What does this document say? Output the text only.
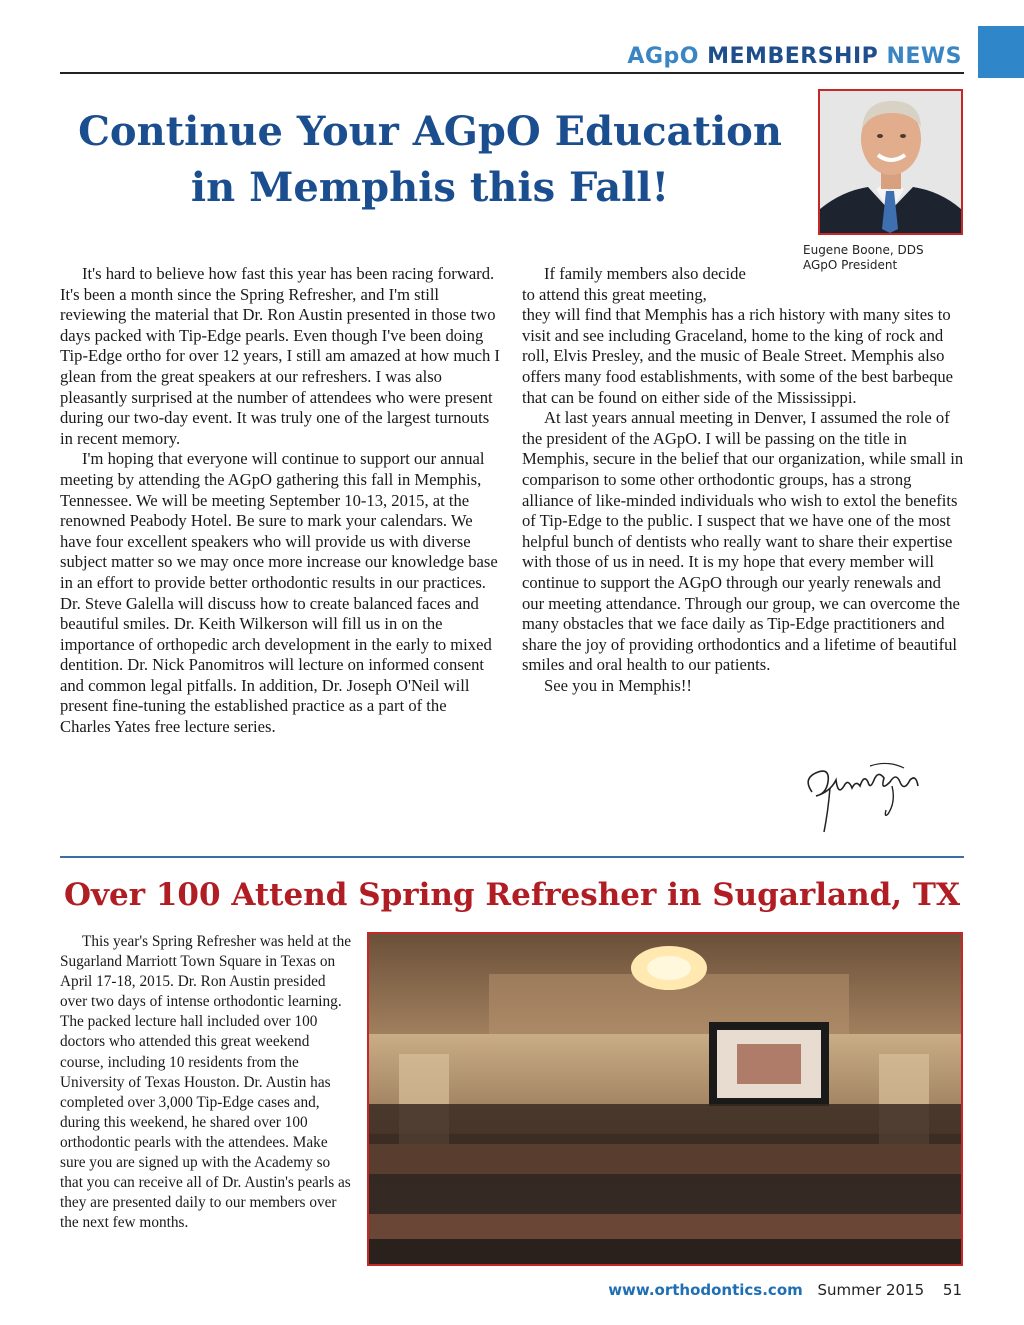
AGpO MEMBERSHIP NEWS
Continue Your AGpO Education
in Memphis this Fall!
Eugene Boone, DDS
AGpO President

It's hard to believe how fast this year has been racing forward. It's been a month since the Spring Refresher, and I'm still reviewing the material that Dr. Ron Austin presented in those two days packed with Tip-Edge pearls. Even though I've been doing Tip-Edge ortho for over 12 years, I still am amazed at how much I glean from the great speakers at our refreshers. I was also pleasantly surprised at the number of attendees who were present during our two-day event. It was truly one of the largest turnouts in recent memory.

I'm hoping that everyone will continue to support our annual meeting by attending the AGpO gathering this fall in Memphis, Tennessee. We will be meeting September 10-13, 2015, at the renowned Peabody Hotel. Be sure to mark your calendars. We have four excellent speakers who will provide us with diverse subject matter so we may once more increase our knowledge base in an effort to provide better orthodontic results in our practices. Dr. Steve Galella will discuss how to create balanced faces and beautiful smiles. Dr. Keith Wilkerson will fill us in on the importance of orthopedic arch development in the early to mixed dentition. Dr. Nick Panomitros will lecture on informed consent and common legal pitfalls. In addition, Dr. Joseph O'Neil will present fine-tuning the established practice as a part of the Charles Yates free lecture series.

If family members also decide

to attend this great meeting,

they will find that Memphis has a rich history with many sites to visit and see including Graceland, home to the king of rock and roll, Elvis Presley, and the music of Beale Street. Memphis also offers many food establishments, with some of the best barbeque that can be found on either side of the Mississippi.

At last years annual meeting in Denver, I assumed the role of the president of the AGpO. I will be passing on the title in Memphis, secure in the belief that our organization, while small in comparison to some other orthodontic groups, has a strong alliance of like-minded individuals who wish to extol the benefits of Tip-Edge to the public. I suspect that we have one of the most helpful bunch of dentists who really want to share their expertise with those of us in need. It is my hope that every member will continue to support the AGpO through our yearly renewals and our meeting attendance. Through our group, we can overcome the many obstacles that we face daily as Tip-Edge practitioners and share the joy of providing orthodontics and a lifetime of beautiful smiles and oral health to our patients.

See you in Memphis!!

Over 100 Attend Spring Refresher in Sugarland, TX

This year's Spring Refresher was held at the Sugarland Marriott Town Square in Texas on April 17-18, 2015. Dr. Ron Austin presided over two days of intense orthodontic learning. The packed lecture hall included over 100 doctors who attended this great weekend course, including 10 residents from the University of Texas Houston. Dr. Austin has completed over 3,000 Tip-Edge cases and, during this weekend, he shared over 100 orthodontic pearls with the attendees. Make sure you are signed up with the Academy so that you can receive all of Dr. Austin's pearls as they are presented daily to our members over the next few months.

www.orthodontics.com Summer 2015 51
